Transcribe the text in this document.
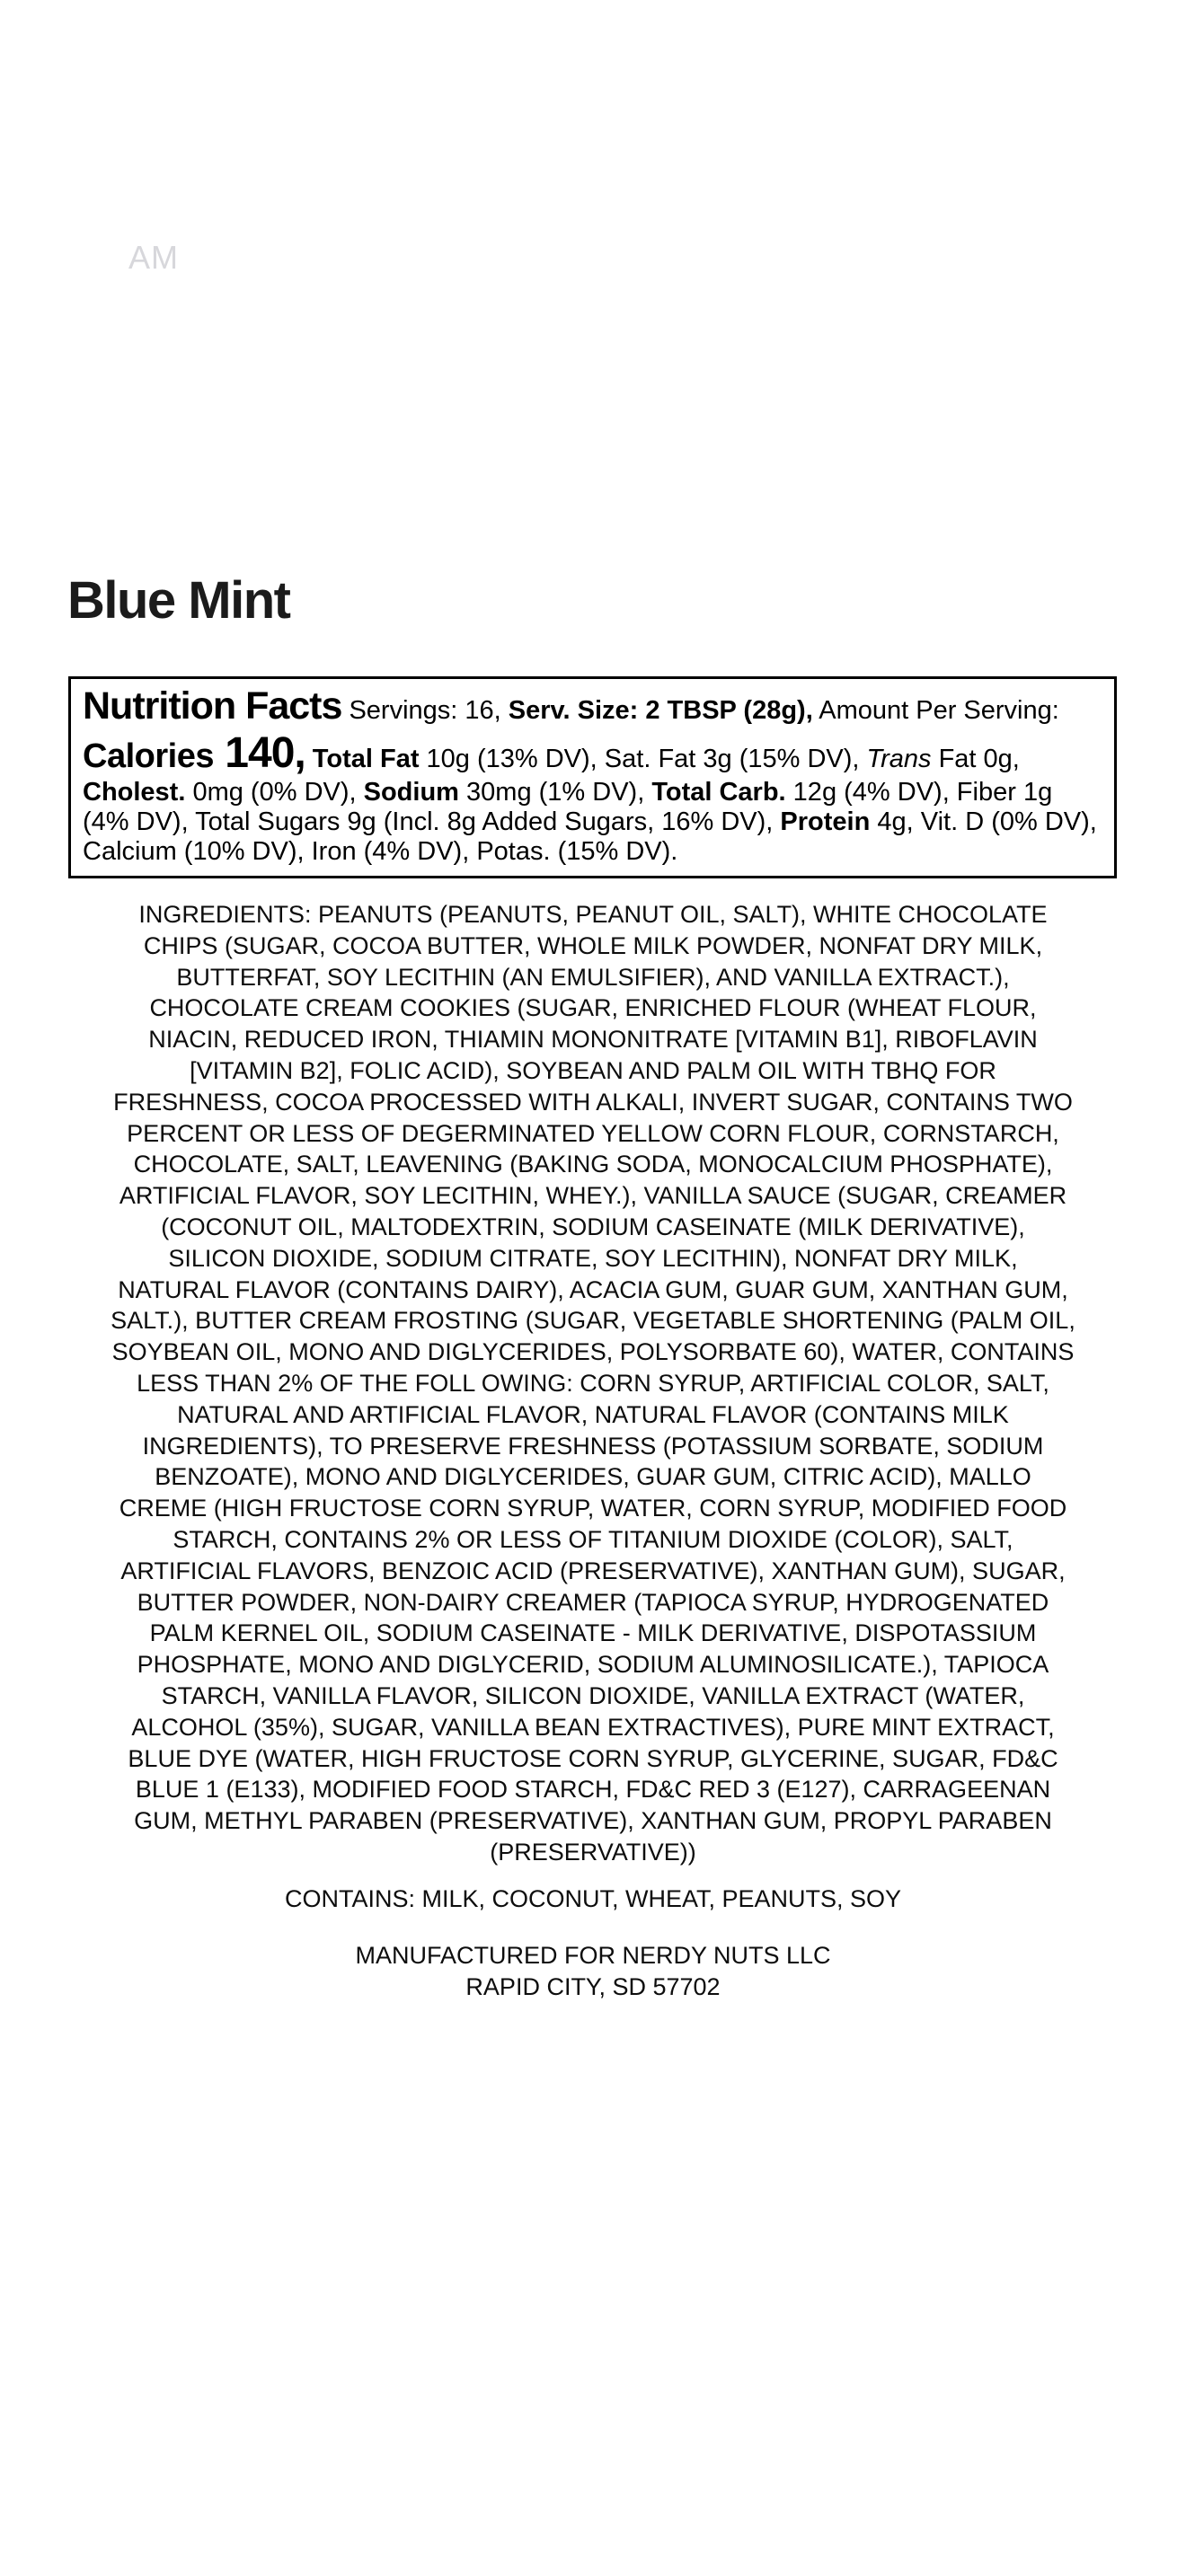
AM
Blue Mint
Nutrition Facts Servings: 16, Serv. Size: 2 TBSP (28g), Amount Per Serving: Calories 140, Total Fat 10g (13% DV), Sat. Fat 3g (15% DV), Trans Fat 0g, Cholest. 0mg (0% DV), Sodium 30mg (1% DV), Total Carb. 12g (4% DV), Fiber 1g (4% DV), Total Sugars 9g (Incl. 8g Added Sugars, 16% DV), Protein 4g, Vit. D (0% DV), Calcium (10% DV), Iron (4% DV), Potas. (15% DV).
INGREDIENTS: PEANUTS (PEANUTS, PEANUT OIL, SALT), WHITE CHOCOLATE
CHIPS (SUGAR, COCOA BUTTER, WHOLE MILK POWDER, NONFAT DRY MILK,
BUTTERFAT, SOY LECITHIN (AN EMULSIFIER), AND VANILLA EXTRACT.),
CHOCOLATE CREAM COOKIES (SUGAR, ENRICHED FLOUR (WHEAT FLOUR,
NIACIN, REDUCED IRON, THIAMIN MONONITRATE [VITAMIN B1], RIBOFLAVIN
[VITAMIN B2], FOLIC ACID), SOYBEAN AND PALM OIL WITH TBHQ FOR
FRESHNESS, COCOA PROCESSED WITH ALKALI, INVERT SUGAR, CONTAINS TWO
PERCENT OR LESS OF DEGERMINATED YELLOW CORN FLOUR, CORNSTARCH,
CHOCOLATE, SALT, LEAVENING (BAKING SODA, MONOCALCIUM PHOSPHATE),
ARTIFICIAL FLAVOR, SOY LECITHIN, WHEY.), VANILLA SAUCE (SUGAR, CREAMER
(COCONUT OIL, MALTODEXTRIN, SODIUM CASEINATE (MILK DERIVATIVE),
SILICON DIOXIDE, SODIUM CITRATE, SOY LECITHIN), NONFAT DRY MILK,
NATURAL FLAVOR (CONTAINS DAIRY), ACACIA GUM, GUAR GUM, XANTHAN GUM,
SALT.), BUTTER CREAM FROSTING (SUGAR, VEGETABLE SHORTENING (PALM OIL,
SOYBEAN OIL, MONO AND DIGLYCERIDES, POLYSORBATE 60), WATER, CONTAINS
LESS THAN 2% OF THE FOLL OWING: CORN SYRUP, ARTIFICIAL COLOR, SALT,
NATURAL AND ARTIFICIAL FLAVOR, NATURAL FLAVOR (CONTAINS MILK
INGREDIENTS), TO PRESERVE FRESHNESS (POTASSIUM SORBATE, SODIUM
BENZOATE), MONO AND DIGLYCERIDES, GUAR GUM, CITRIC ACID), MALLO
CREME (HIGH FRUCTOSE CORN SYRUP, WATER, CORN SYRUP, MODIFIED FOOD
STARCH, CONTAINS 2% OR LESS OF TITANIUM DIOXIDE (COLOR), SALT,
ARTIFICIAL FLAVORS, BENZOIC ACID (PRESERVATIVE), XANTHAN GUM), SUGAR,
BUTTER POWDER, NON-DAIRY CREAMER (TAPIOCA SYRUP, HYDROGENATED
PALM KERNEL OIL, SODIUM CASEINATE - MILK DERIVATIVE, DISPOTASSIUM
PHOSPHATE, MONO AND DIGLYCERID, SODIUM ALUMINOSILICATE.), TAPIOCA
STARCH, VANILLA FLAVOR, SILICON DIOXIDE, VANILLA EXTRACT (WATER,
ALCOHOL (35%), SUGAR, VANILLA BEAN EXTRACTIVES), PURE MINT EXTRACT,
BLUE DYE (WATER, HIGH FRUCTOSE CORN SYRUP, GLYCERINE, SUGAR, FD&C
BLUE 1 (E133), MODIFIED FOOD STARCH, FD&C RED 3 (E127), CARRAGEENAN
GUM, METHYL PARABEN (PRESERVATIVE), XANTHAN GUM, PROPYL PARABEN
(PRESERVATIVE))
CONTAINS: MILK, COCONUT, WHEAT, PEANUTS, SOY
MANUFACTURED FOR NERDY NUTS LLC
RAPID CITY, SD 57702
